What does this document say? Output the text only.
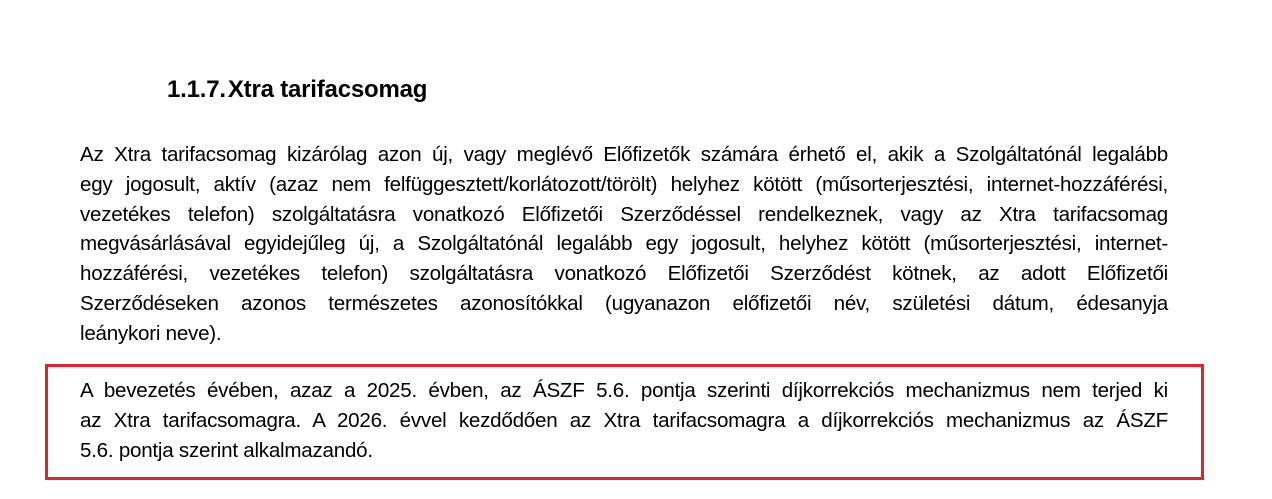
1.1.7.Xtra tarifacsomag
Az Xtra tarifacsomag kizárólag azon új, vagy meglévő Előfizetők számára érhető el, akik a Szolgáltatónál legalább
egy jogosult, aktív (azaz nem felfüggesztett/korlátozott/törölt) helyhez kötött (műsorterjesztési, internet-hozzáférési,
vezetékes telefon) szolgáltatásra vonatkozó Előfizetői Szerződéssel rendelkeznek, vagy az Xtra tarifacsomag
megvásárlásával egyidejűleg új, a Szolgáltatónál legalább egy jogosult, helyhez kötött (műsorterjesztési, internet-
hozzáférési, vezetékes telefon) szolgáltatásra vonatkozó Előfizetői Szerződést kötnek, az adott Előfizetői
Szerződéseken azonos természetes azonosítókkal (ugyanazon előfizetői név, születési dátum, édesanyja
leánykori neve).
A bevezetés évében, azaz a 2025. évben, az ÁSZF 5.6. pontja szerinti díjkorrekciós mechanizmus nem terjed ki
az Xtra tarifacsomagra. A 2026. évvel kezdődően az Xtra tarifacsomagra a díjkorrekciós mechanizmus az ÁSZF
5.6. pontja szerint alkalmazandó.
